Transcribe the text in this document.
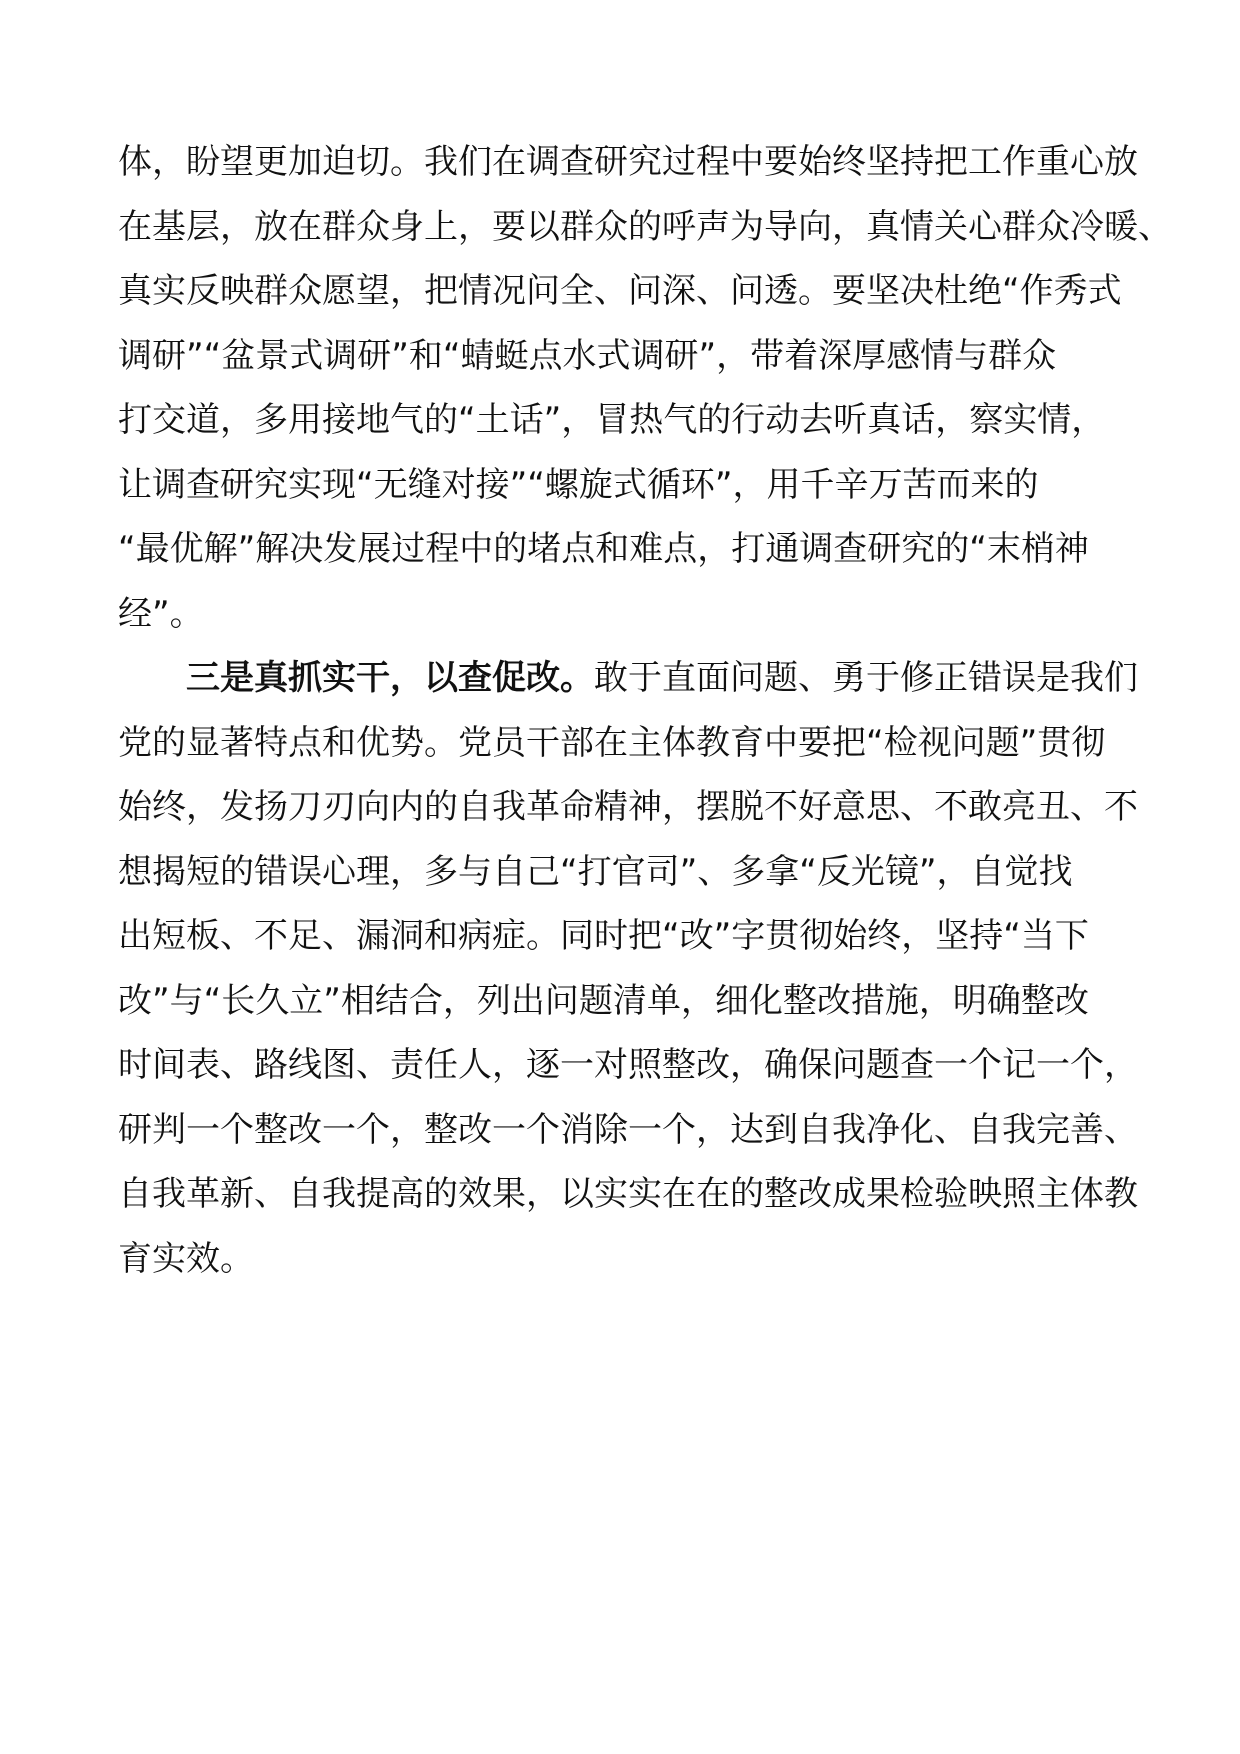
体，盼望更加迫切。我们在调查研究过程中要始终坚持把工作重心放
在基层，放在群众身上，要以群众的呼声为导向，真情关心群众冷暖、
真实反映群众愿望，把情况问全、问深、问透。要坚决杜绝“作秀式
调研”“盆景式调研”和“蜻蜓点水式调研”，带着深厚感情与群众
打交道，多用接地气的“土话”，冒热气的行动去听真话，察实情，
让调查研究实现“无缝对接”“螺旋式循环”，用千辛万苦而来的
“最优解”解决发展过程中的堵点和难点，打通调查研究的“末梢神
经”。
三是真抓实干，以查促改。敢于直面问题、勇于修正错误是我们
党的显著特点和优势。党员干部在主体教育中要把“检视问题”贯彻
始终，发扬刀刃向内的自我革命精神，摆脱不好意思、不敢亮丑、不
想揭短的错误心理，多与自己“打官司”、多拿“反光镜”，自觉找
出短板、不足、漏洞和病症。同时把“改”字贯彻始终，坚持“当下
改”与“长久立”相结合，列出问题清单，细化整改措施，明确整改
时间表、路线图、责任人，逐一对照整改，确保问题查一个记一个，
研判一个整改一个，整改一个消除一个，达到自我净化、自我完善、
自我革新、自我提高的效果，以实实在在的整改成果检验映照主体教
育实效。
